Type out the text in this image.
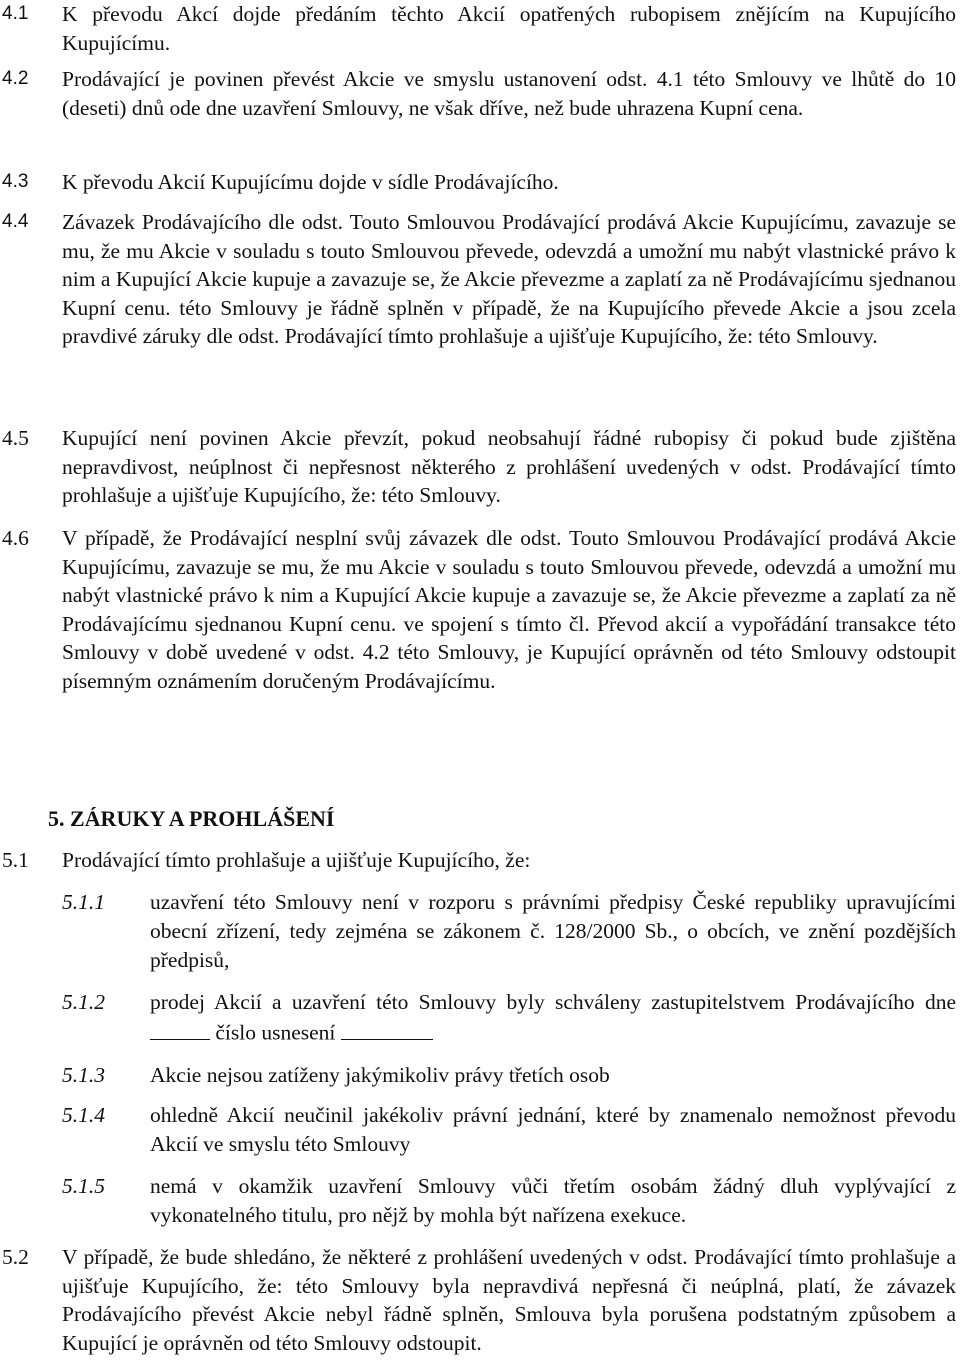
4.1 K převodu Akcí dojde předáním těchto Akcií opatřených rubopisem znějícím na Kupujícího Kupujícímu.
4.2 Prodávající je povinen převést Akcie ve smyslu ustanovení odst. 4.1 této Smlouvy ve lhůtě do 10 (deseti) dnů ode dne uzavření Smlouvy, ne však dříve, než bude uhrazena Kupní cena.
4.3 K převodu Akcií Kupujícímu dojde v sídle Prodávajícího.
4.4 Závazek Prodávajícího dle odst. Touto Smlouvou Prodávající prodává Akcie Kupujícímu, zavazuje se mu, že mu Akcie v souladu s touto Smlouvou převede, odevzdá a umožní mu nabýt vlastnické právo k nim a Kupující Akcie kupuje a zavazuje se, že Akcie převezme a zaplatí za ně Prodávajícímu sjednanou Kupní cenu. této Smlouvy je řádně splněn v případě, že na Kupujícího převede Akcie a jsou zcela pravdivé záruky dle odst. Prodávající tímto prohlašuje a ujišťuje Kupujícího, že: této Smlouvy.
4.5 Kupující není povinen Akcie převzít, pokud neobsahují řádné rubopisy či pokud bude zjištěna nepravdivost, neúplnost či nepřesnost některého z prohlášení uvedených v odst. Prodávající tímto prohlašuje a ujišťuje Kupujícího, že: této Smlouvy.
4.6 V případě, že Prodávající nesplní svůj závazek dle odst. Touto Smlouvou Prodávající prodává Akcie Kupujícímu, zavazuje se mu, že mu Akcie v souladu s touto Smlouvou převede, odevzdá a umožní mu nabýt vlastnické právo k nim a Kupující Akcie kupuje a zavazuje se, že Akcie převezme a zaplatí za ně Prodávajícímu sjednanou Kupní cenu. ve spojení s tímto čl. Převod akcií a vypořádání transakce této Smlouvy v době uvedené v odst. 4.2 této Smlouvy, je Kupující oprávněn od této Smlouvy odstoupit písemným oznámením doručeným Prodávajícímu.
5. ZÁRUKY A PROHLÁŠENÍ
5.1 Prodávající tímto prohlašuje a ujišťuje Kupujícího, že:
5.1.1 uzavření této Smlouvy není v rozporu s právními předpisy České republiky upravujícími obecní zřízení, tedy zejména se zákonem č. 128/2000 Sb., o obcích, ve znění pozdějších předpisů,
5.1.2 prodej Akcií a uzavření této Smlouvy byly schváleny zastupitelstvem Prodávajícího dne  číslo usnesení
5.1.3 Akcie nejsou zatíženy jakýmikoliv právy třetích osob
5.1.4 ohledně Akcií neučinil jakékoliv právní jednání, které by znamenalo nemožnost převodu Akcií ve smyslu této Smlouvy
5.1.5 nemá v okamžik uzavření Smlouvy vůči třetím osobám žádný dluh vyplývající z vykonatelného titulu, pro nějž by mohla být nařízena exekuce.
5.2 V případě, že bude shledáno, že některé z prohlášení uvedených v odst. Prodávající tímto prohlašuje a ujišťuje Kupujícího, že: této Smlouvy byla nepravdivá nepřesná či neúplná, platí, že závazek Prodávajícího převést Akcie nebyl řádně splněn, Smlouva byla porušena podstatným způsobem a Kupující je oprávněn od této Smlouvy odstoupit.
